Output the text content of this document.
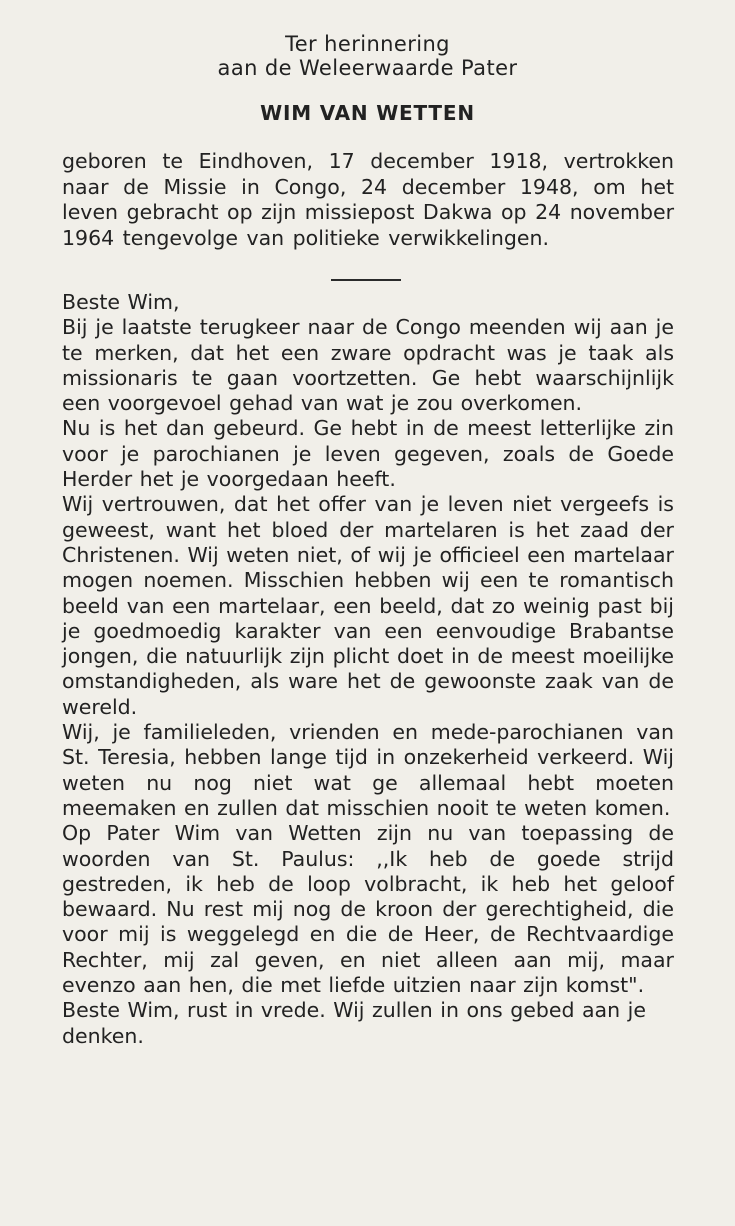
Ter herinnering
aan de Weleerwaarde Pater
WIM VAN WETTEN

geboren te Eindhoven, 17 december 1918, vertrokken naar de Missie in Congo, 24 december 1948, om het leven gebracht op zijn missiepost Dakwa op 24 november 1964 tengevolge van politieke verwikkelingen.

Beste Wim,

Bij je laatste terugkeer naar de Congo meenden wij aan je te merken, dat het een zware opdracht was je taak als missionaris te gaan voortzetten. Ge hebt waarschijnlijk een voorgevoel gehad van wat je zou overkomen.

Nu is het dan gebeurd. Ge hebt in de meest letterlijke zin voor je parochianen je leven gegeven, zoals de Goede Herder het je voorgedaan heeft.

Wij vertrouwen, dat het offer van je leven niet vergeefs is geweest, want het bloed der martelaren is het zaad der Christenen. Wij weten niet, of wij je officieel een martelaar mogen noemen. Misschien hebben wij een te romantisch beeld van een martelaar, een beeld, dat zo weinig past bij je goedmoedig karakter van een eenvoudige Brabantse jongen, die natuurlijk zijn plicht doet in de meest moeilijke omstandigheden, als ware het de gewoonste zaak van de wereld.

Wij, je familieleden, vrienden en mede-parochianen van St. Teresia, hebben lange tijd in onzekerheid verkeerd. Wij weten nu nog niet wat ge allemaal hebt moeten meemaken en zullen dat misschien nooit te weten komen.

Op Pater Wim van Wetten zijn nu van toepassing de woorden van St. Paulus: ,,Ik heb de goede strijd gestreden, ik heb de loop volbracht, ik heb het geloof bewaard. Nu rest mij nog de kroon der gerechtigheid, die voor mij is weggelegd en die de Heer, de Rechtvaardige Rechter, mij zal geven, en niet alleen aan mij, maar evenzo aan hen, die met liefde uitzien naar zijn komst".

Beste Wim, rust in vrede. Wij zullen in ons gebed aan je denken.
